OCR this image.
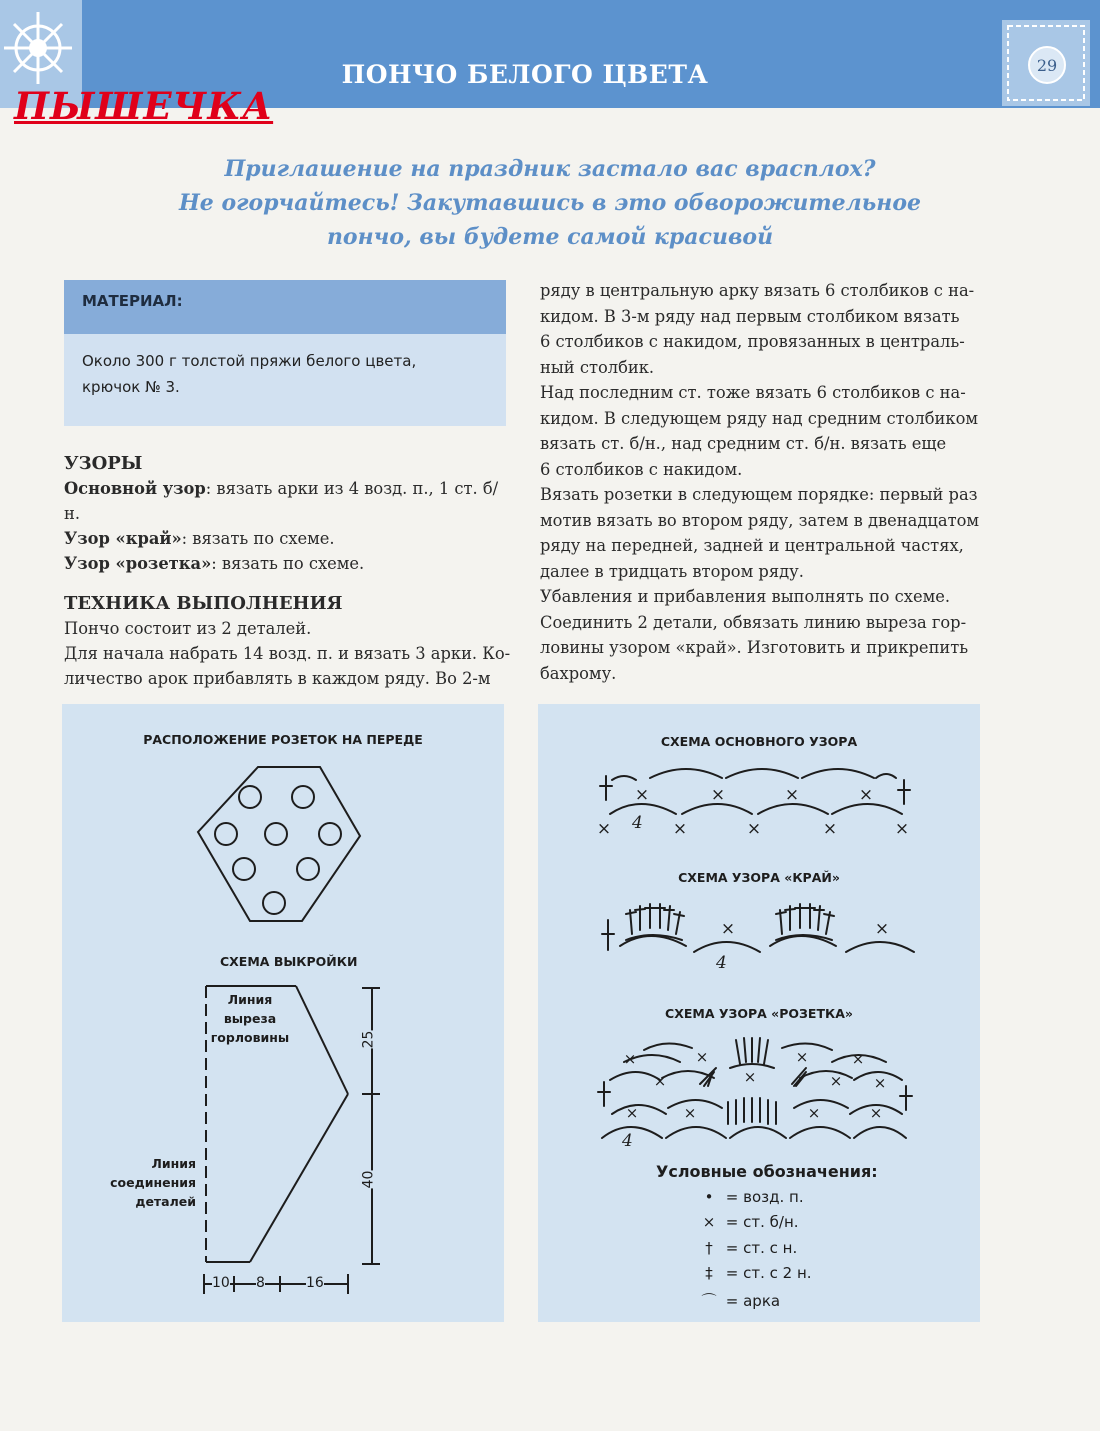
29
ПОНЧО БЕЛОГО ЦВЕТА
ПЫШЕЧКА
Приглашение на праздник застало вас врасплох?
Не огорчайтесь! Закутавшись в это обворожительное
пончо, вы будете самой красивой
МАТЕРИАЛ:
Около 300 г толстой пряжи белого цвета,
крючок № 3.
УЗОРЫ

Основной узор: вязать арки из 4 возд. п., 1 ст. б/н.

Узор «край»: вязать по схеме.

Узор «розетка»: вязать по схеме.

ТЕХНИКА ВЫПОЛНЕНИЯ

Пончо состоит из 2 деталей.

Для начала набрать 14 возд. п. и вязать 3 арки. Ко-

личество арок прибавлять в каждом ряду. Во 2-м

ряду в центральную арку вязать 6 столбиков с на-

кидом. В 3-м ряду над первым столбиком вязать

6 столбиков с накидом, провязанных в централь-

ный столбик.

Над последним ст. тоже вязать 6 столбиков с на-

кидом. В следующем ряду над средним столбиком

вязать ст. б/н., над средним ст. б/н. вязать еще

6 столбиков с накидом.

Вязать розетки в следующем порядке: первый раз

мотив вязать во втором ряду, затем в двенадцатом

ряду на передней, задней и центральной частях,

далее в тридцать втором ряду.

Убавления и прибавления выполнять по схеме.

Соединить 2 детали, обвязать линию выреза гор-

ловины узором «край». Изготовить и прикрепить

бахрому.

РАСПОЛОЖЕНИЕ РОЗЕТОК НА ПЕРЕДЕ
СХЕМА ВЫКРОЙКИ
Линия
выреза
горловины
Линия
соединения
деталей
25
40
10 8	16
СХЕМА ОСНОВНОГО УЗОРА
×	×	×	×
×	×	×	×	×
4
СХЕМА УЗОРА «КРАЙ»
×	×
4
СХЕМА УЗОРА «РОЗЕТКА»
×	×	×	×
×	×	× ×
×	×	×	×
4
Условные обозначения:
• = возд. п.
× = ст. б/н.
† = ст. с н.
‡ = ст. с 2 н.
⌒ = арка
